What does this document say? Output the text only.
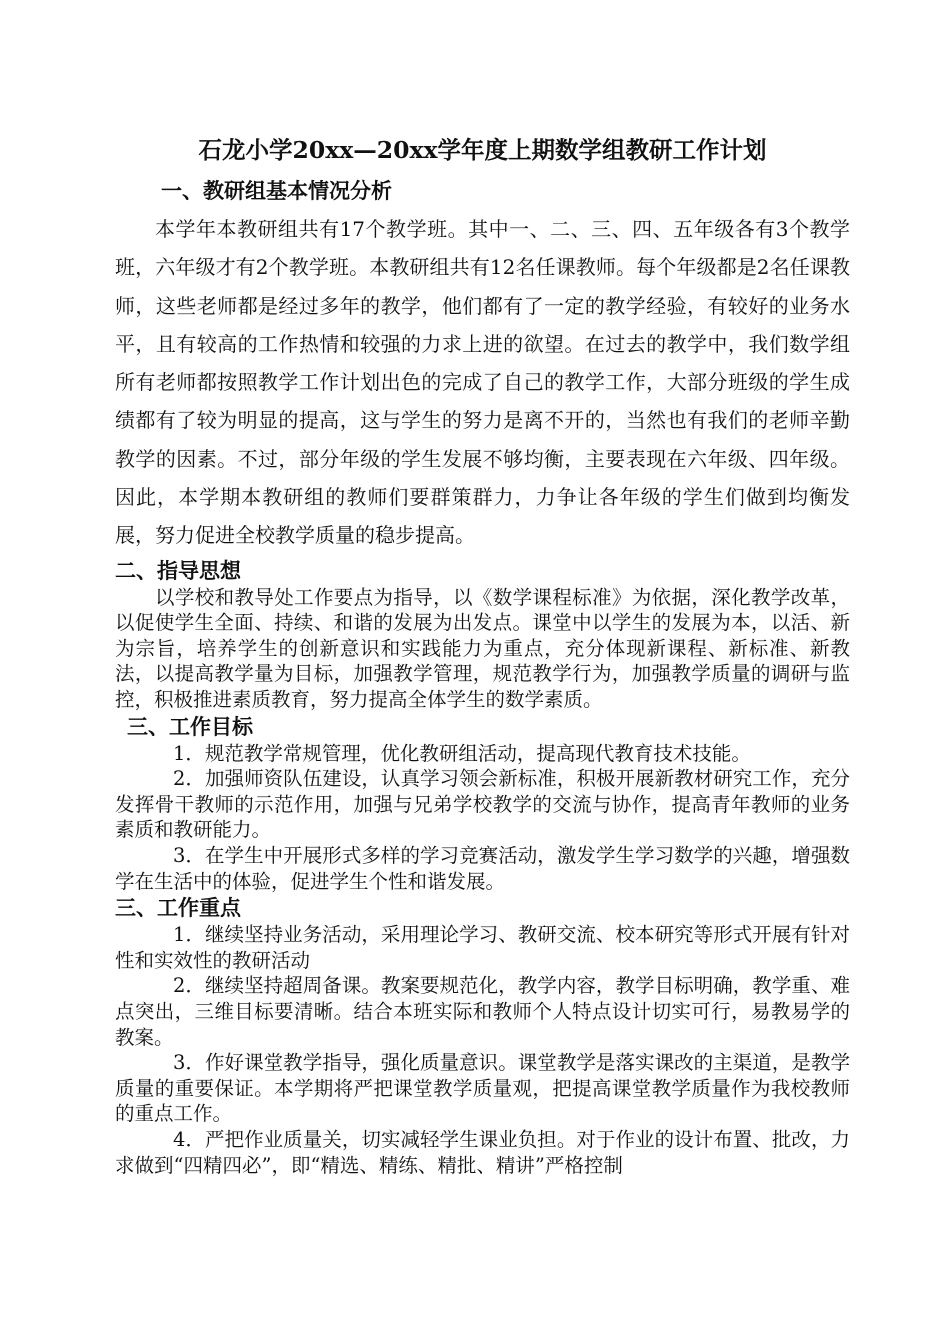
石龙小学20xx—20xx学年度上期数学组教研工作计划
一、教研组基本情况分析

本学年本教研组共有17个教学班。其中一、二、三、四、五年级各有3个教学班，六年级才有2个教学班。本教研组共有12名任课教师。每个年级都是2名任课教师，这些老师都是经过多年的教学，他们都有了一定的教学经验，有较好的业务水平，且有较高的工作热情和较强的力求上进的欲望。在过去的教学中，我们数学组所有老师都按照教学工作计划出色的完成了自己的教学工作，大部分班级的学生成绩都有了较为明显的提高，这与学生的努力是离不开的，当然也有我们的老师辛勤教学的因素。不过，部分年级的学生发展不够均衡，主要表现在六年级、四年级。因此，本学期本教研组的教师们要群策群力，力争让各年级的学生们做到均衡发展，努力促进全校教学质量的稳步提高。

二、指导思想

以学校和教导处工作要点为指导，以《数学课程标准》为依据，深化教学改革，以促使学生全面、持续、和谐的发展为出发点。课堂中以学生的发展为本，以活、新为宗旨，培养学生的创新意识和实践能力为重点，充分体现新课程、新标准、新教法，以提高教学量为目标，加强教学管理，规范教学行为，加强教学质量的调研与监控，积极推进素质教育，努力提高全体学生的数学素质。

三、工作目标

1．规范教学常规管理，优化教研组活动，提高现代教育技术技能。

2．加强师资队伍建设，认真学习领会新标准，积极开展新教材研究工作，充分发挥骨干教师的示范作用，加强与兄弟学校教学的交流与协作，提高青年教师的业务素质和教研能力。

3．在学生中开展形式多样的学习竞赛活动，激发学生学习数学的兴趣，增强数学在生活中的体验，促进学生个性和谐发展。

三、工作重点

1．继续坚持业务活动，采用理论学习、教研交流、校本研究等形式开展有针对性和实效性的教研活动

2．继续坚持超周备课。教案要规范化，教学内容，教学目标明确，教学重、难点突出，三维目标要清晰。结合本班实际和教师个人特点设计切实可行，易教易学的教案。

3．作好课堂教学指导，强化质量意识。课堂教学是落实课改的主渠道，是教学质量的重要保证。本学期将严把课堂教学质量观，把提高课堂教学质量作为我校教师的重点工作。

4．严把作业质量关，切实减轻学生课业负担。对于作业的设计布置、批改，力求做到“四精四必”，即“精选、精练、精批、精讲”严格控制
